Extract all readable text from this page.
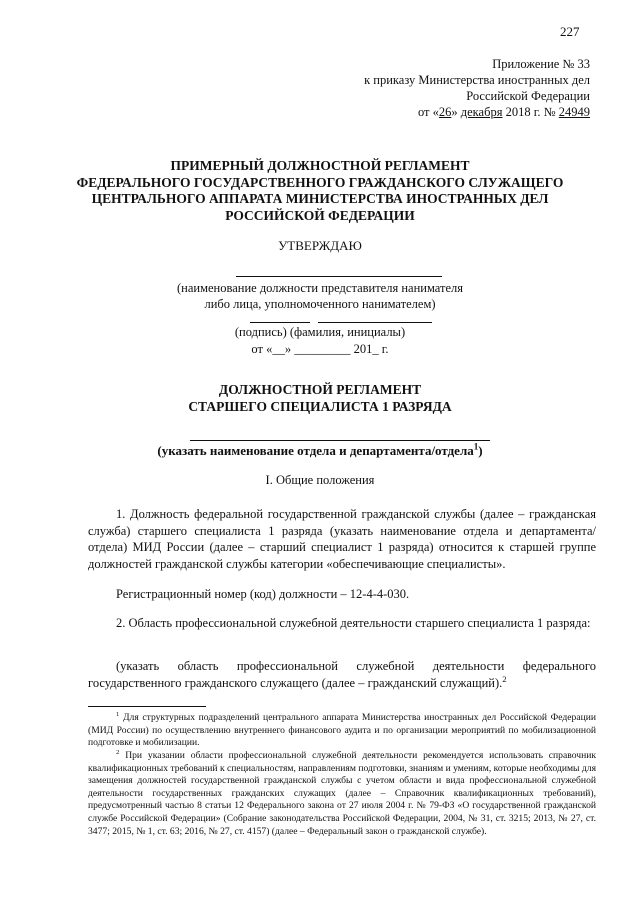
227
Приложение № 33
к приказу Министерства иностранных дел
Российской Федерации
от «26» декабря 2018 г. № 24949
ПРИМЕРНЫЙ ДОЛЖНОСТНОЙ РЕГЛАМЕНТ
ФЕДЕРАЛЬНОГО ГОСУДАРСТВЕННОГО ГРАЖДАНСКОГО СЛУЖАЩЕГО
ЦЕНТРАЛЬНОГО АППАРАТА МИНИСТЕРСТВА ИНОСТРАННЫХ ДЕЛ
РОССИЙСКОЙ ФЕДЕРАЦИИ
УТВЕРЖДАЮ
(наименование должности представителя нанимателя
либо лица, уполномоченного нанимателем)
(подпись) (фамилия, инициалы)
от «__» _________ 201_ г.
ДОЛЖНОСТНОЙ РЕГЛАМЕНТ
СТАРШЕГО СПЕЦИАЛИСТА 1 РАЗРЯДА
(указать наименование отдела и департамента/отдела$^1$)
I. Общие положения
1. Должность федеральной государственной гражданской службы (далее – гражданская служба) старшего специалиста 1 разряда (указать наименование отдела и департамента/отдела) МИД России (далее – старший специалист 1 разряда) относится к старшей группе должностей гражданской службы категории «обеспечивающие специалисты».
Регистрационный номер (код) должности – 12-4-4-030.
2. Область профессиональной служебной деятельности старшего специалиста 1 разряда:
(указать область профессиональной служебной деятельности федерального государственного гражданского служащего (далее – гражданский служащий).$^2$
$^1$ Для структурных подразделений центрального аппарата Министерства иностранных дел Российской Федерации (МИД России) по осуществлению внутреннего финансового аудита и по организации мероприятий по мобилизационной подготовке и мобилизации.
$^2$ При указании области профессиональной служебной деятельности рекомендуется использовать справочник квалификационных требований к специальностям, направлениям подготовки, знаниям и умениям, которые необходимы для замещения должностей государственной гражданской службы с учетом области и вида профессиональной служебной деятельности государственных гражданских служащих (далее – Справочник квалификационных требований), предусмотренный частью 8 статьи 12 Федерального закона от 27 июля 2004 г. № 79-ФЗ «О государственной гражданской службе Российской Федерации» (Собрание законодательства Российской Федерации, 2004, № 31, ст. 3215; 2013, № 27, ст. 3477; 2015, № 1, ст. 63; 2016, № 27, ст. 4157) (далее – Федеральный закон о гражданской службе).
